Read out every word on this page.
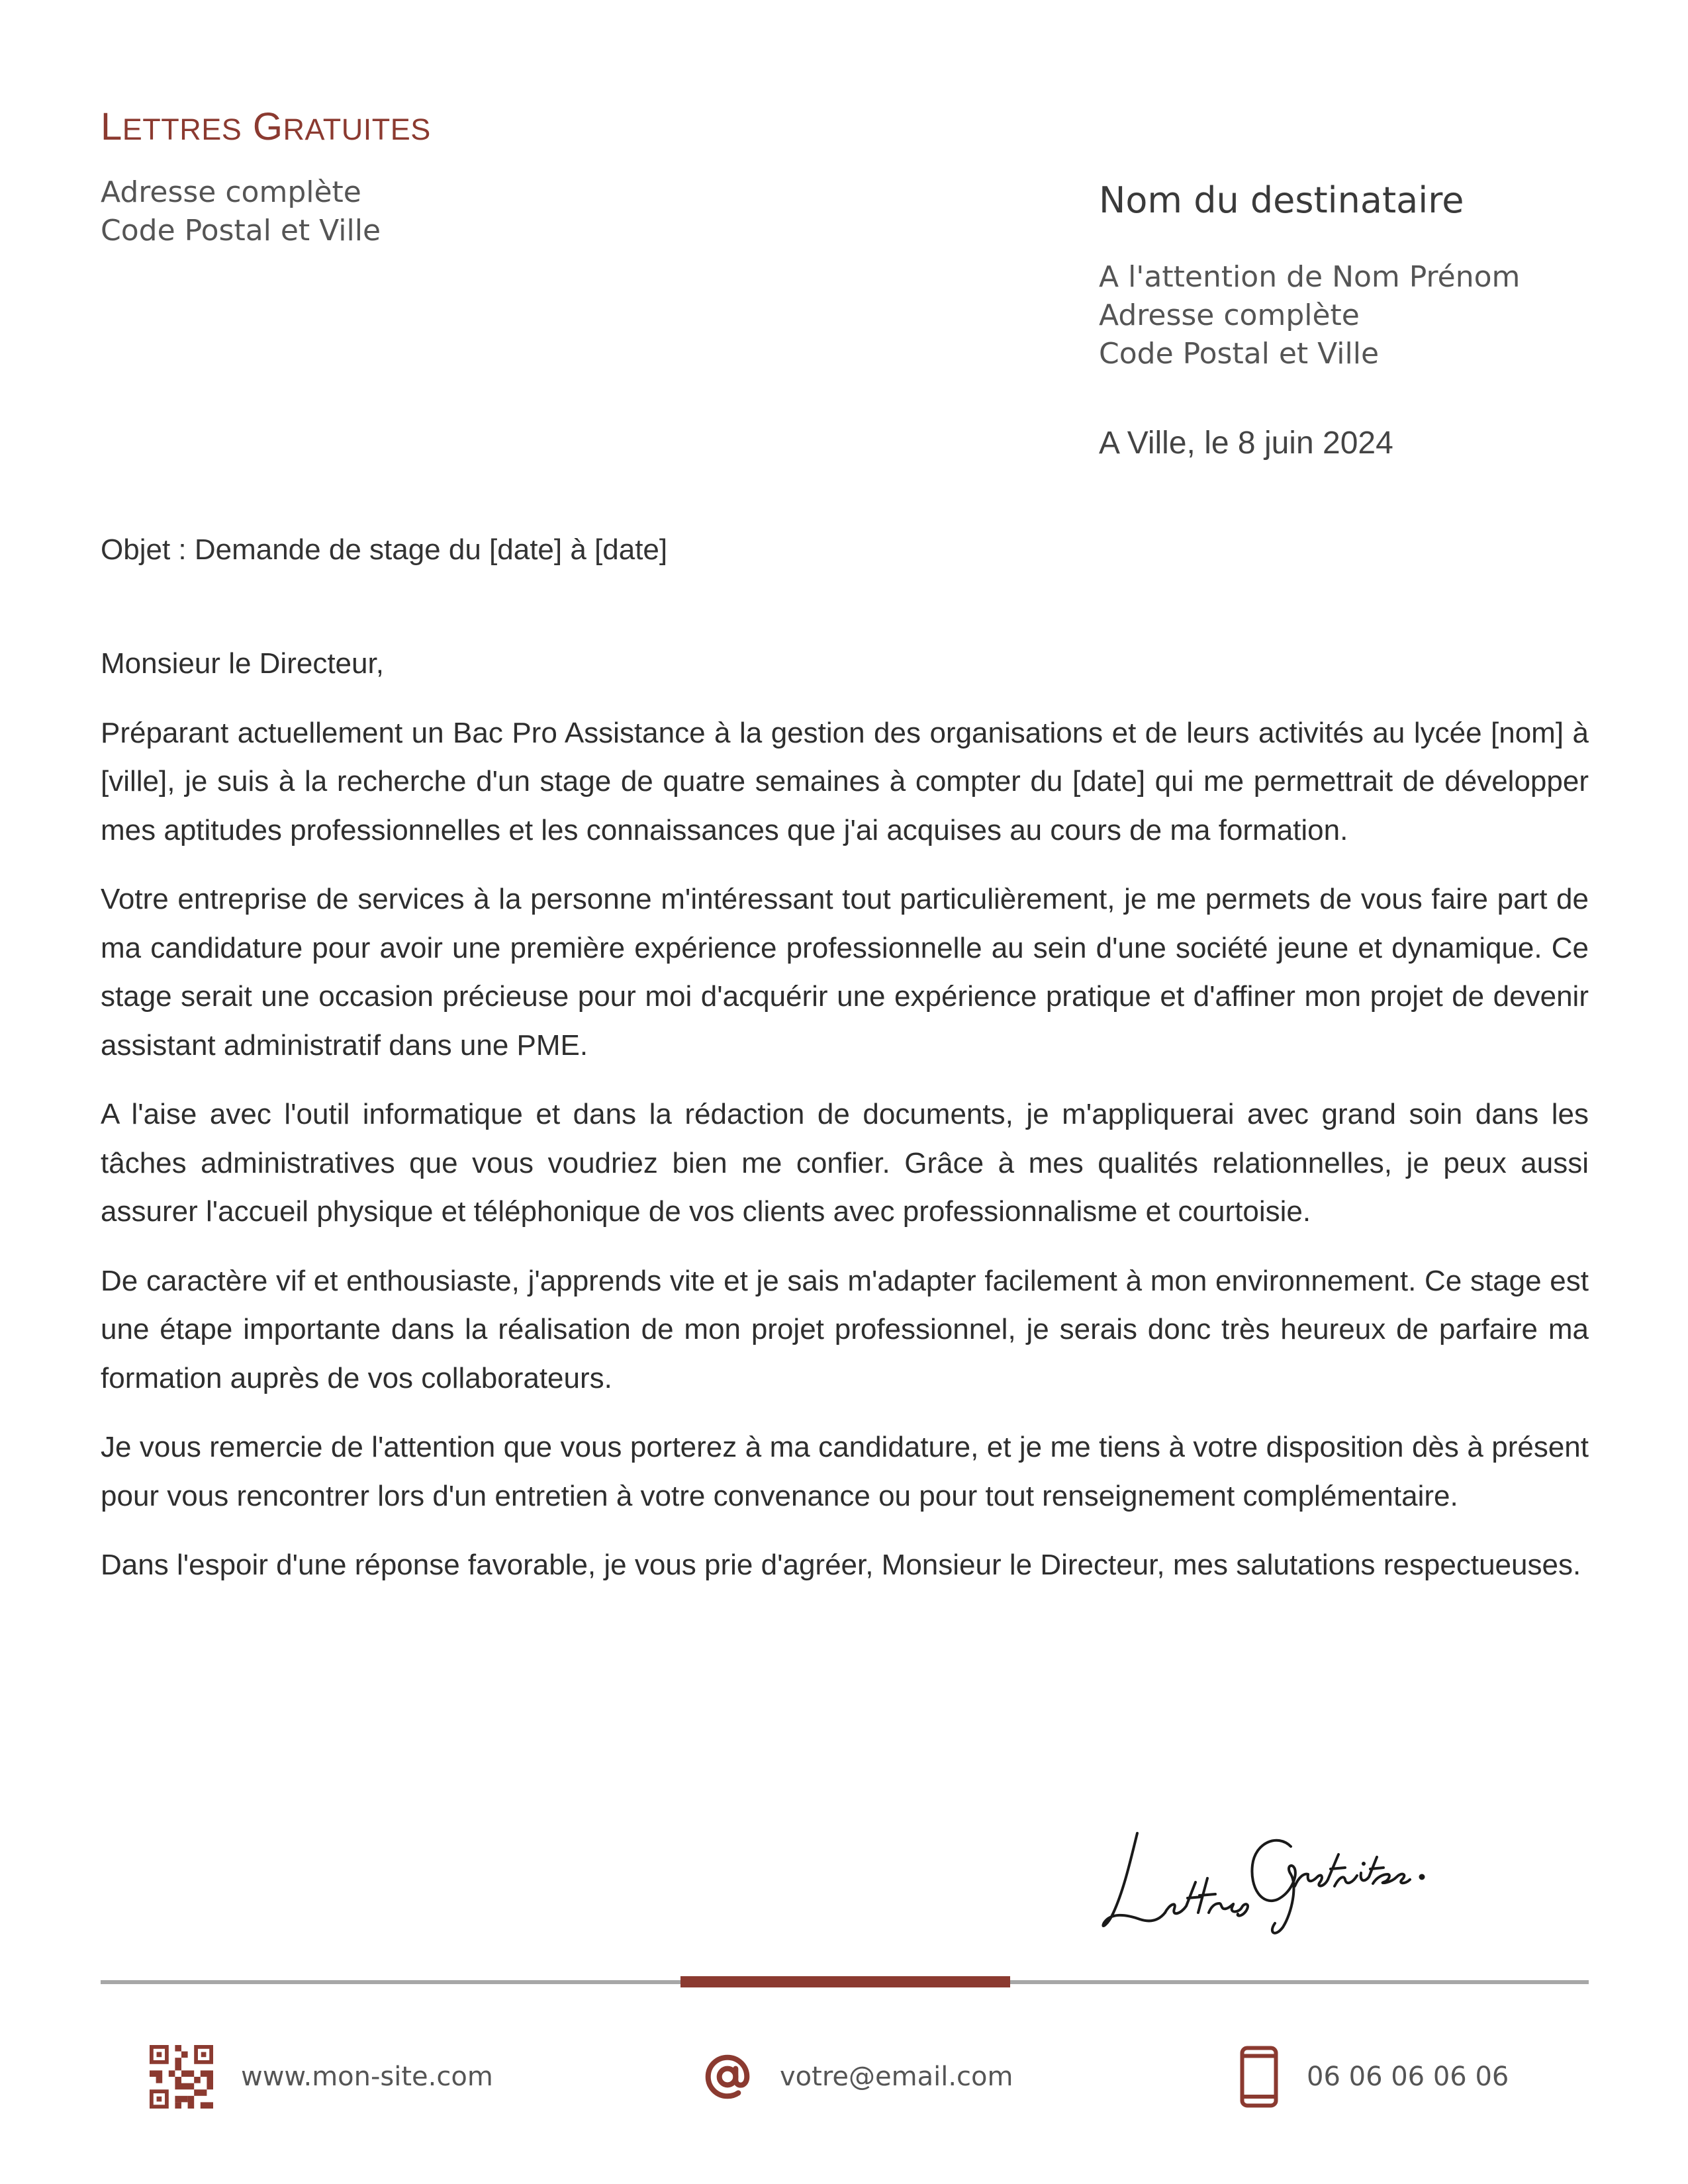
LETTRES GRATUITES
Adresse complète
Code Postal et Ville
Nom du destinataire
A l'attention de Nom Prénom
Adresse complète
Code Postal et Ville
A Ville, le 8 juin 2024
Objet : Demande de stage du [date] à [date]

Monsieur le Directeur,

Préparant actuellement un Bac Pro Assistance à la gestion des organisations et de leurs activités au lycée [nom] à [ville], je suis à la recherche d'un stage de quatre semaines à compter du [date] qui me permettrait de développer mes aptitudes professionnelles et les connaissances que j'ai acquises au cours de ma formation.

Votre entreprise de services à la personne m'intéressant tout particulièrement, je me permets de vous faire part de ma candidature pour avoir une première expérience professionnelle au sein d'une société jeune et dynamique. Ce stage serait une occasion précieuse pour moi d'acquérir une expérience pratique et d'affiner mon projet de devenir assistant administratif dans une PME.

A l'aise avec l'outil informatique et dans la rédaction de documents, je m'appliquerai avec grand soin dans les tâches administratives que vous voudriez bien me confier. Grâce à mes qualités relationnelles, je peux aussi assurer l'accueil physique et téléphonique de vos clients avec professionnalisme et courtoisie.

De caractère vif et enthousiaste, j'apprends vite et je sais m'adapter facilement à mon environnement. Ce stage est une étape importante dans la réalisation de mon projet professionnel, je serais donc très heureux de parfaire ma formation auprès de vos collaborateurs.

Je vous remercie de l'attention que vous porterez à ma candidature, et je me tiens à votre disposition dès à présent pour vous rencontrer lors d'un entretien à votre convenance ou pour tout renseignement complémentaire.

Dans l'espoir d'une réponse favorable, je vous prie d'agréer, Monsieur le Directeur, mes salutations respectueuses.

www.mon-site.com	votre@email.com	06 06 06 06 06
